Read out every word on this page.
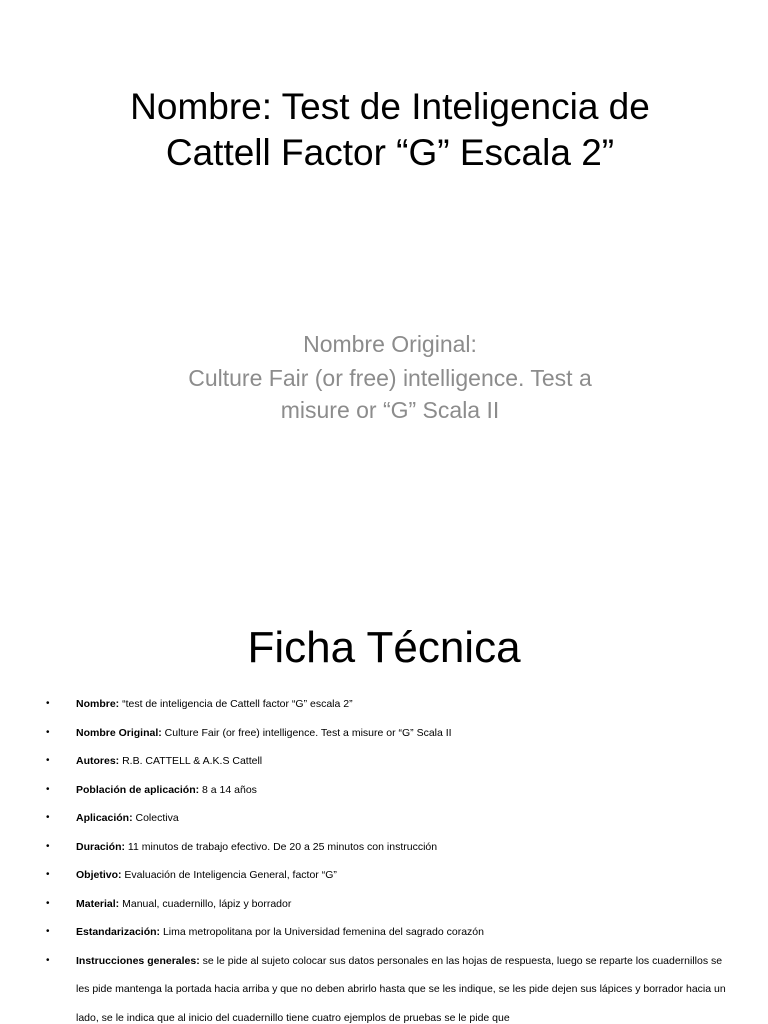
Nombre: Test de Inteligencia de
Cattell Factor “G” Escala 2”
Nombre Original:
Culture Fair (or free) intelligence. Test a
misure or “G” Scala II
Ficha Técnica
•	Nombre: “test de inteligencia de Cattell factor “G” escala 2”
•	Nombre Original: Culture Fair (or free) intelligence. Test a misure or “G” Scala II
•	Autores: R.B. CATTELL & A.K.S Cattell
•	Población de aplicación: 8 a 14 años
•	Aplicación: Colectiva
•	Duración: 11 minutos de trabajo efectivo. De 20 a 25 minutos con instrucción
•	Objetivo: Evaluación de Inteligencia General, factor “G”
•	Material: Manual, cuadernillo, lápiz y borrador
•	Estandarización: Lima metropolitana por la Universidad femenina del sagrado corazón
•	Instrucciones generales: se le pide al sujeto colocar sus datos personales en las hojas de respuesta, luego se reparte los cuadernillos se les pide mantenga la portada hacia arriba y que no deben abrirlo hasta que se les indique, se les pide dejen sus lápices y borrador hacia un lado, se le indica que al inicio del cuadernillo tiene cuatro ejemplos de pruebas se le pide que
